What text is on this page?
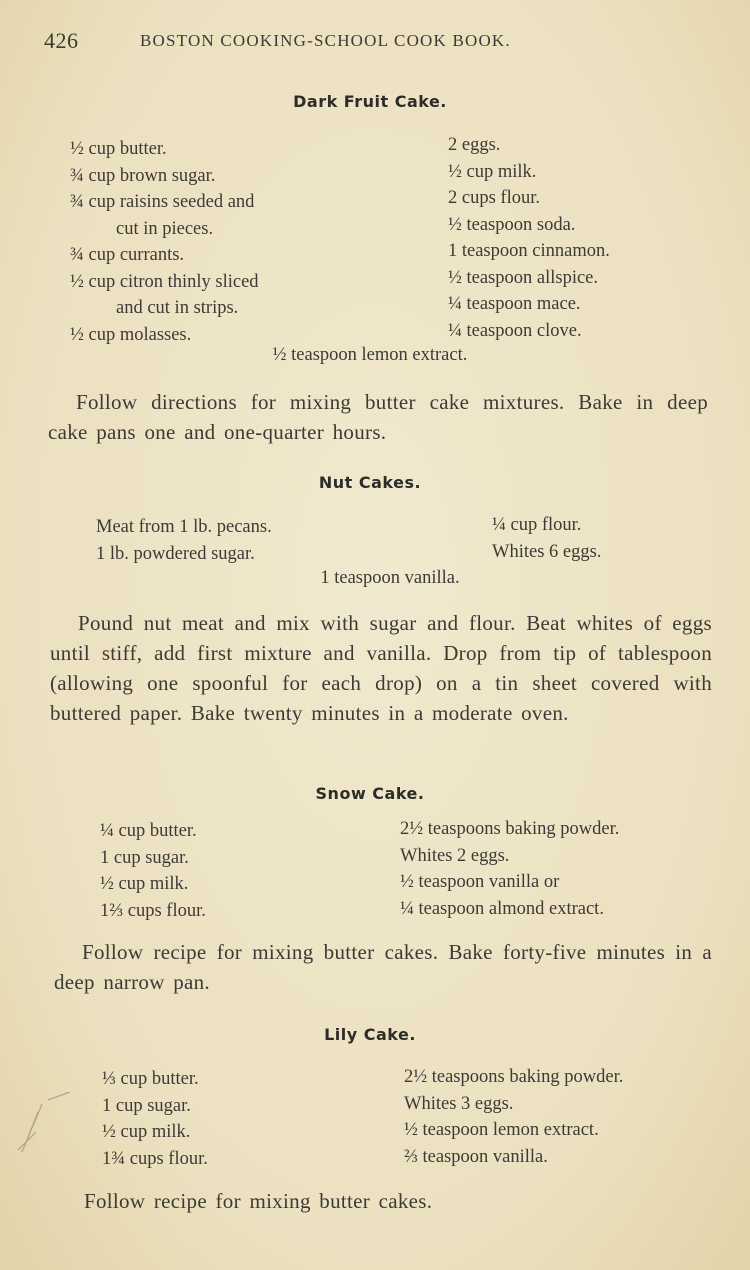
426	BOSTON COOKING-SCHOOL COOK BOOK.
Dark Fruit Cake.
½ cup butter.
¾ cup brown sugar.
¾ cup raisins seeded and
cut in pieces.
¾ cup currants.
½ cup citron thinly sliced
and cut in strips.
½ cup molasses.
2 eggs.
½ cup milk.
2 cups flour.
½ teaspoon soda.
1 teaspoon cinnamon.
½ teaspoon allspice.
¼ teaspoon mace.
¼ teaspoon clove.
½ teaspoon lemon extract.
Follow directions for mixing butter cake mixtures. Bake in deep cake pans one and one-quarter hours.
Nut Cakes.
Meat from 1 lb. pecans.
1 lb. powdered sugar.
¼ cup flour.
Whites 6 eggs.
1 teaspoon vanilla.
Pound nut meat and mix with sugar and flour. Beat whites of eggs until stiff, add first mixture and vanilla. Drop from tip of tablespoon (allowing one spoonful for each drop) on a tin sheet covered with buttered paper. Bake twenty minutes in a moderate oven.
Snow Cake.
¼ cup butter.
1 cup sugar.
½ cup milk.
1⅔ cups flour.
2½ teaspoons baking powder.
Whites 2 eggs.
½ teaspoon vanilla or
¼ teaspoon almond extract.
Follow recipe for mixing butter cakes. Bake forty-five minutes in a deep narrow pan.
Lily Cake.
⅓ cup butter.
1 cup sugar.
½ cup milk.
1¾ cups flour.
2½ teaspoons baking powder.
Whites 3 eggs.
½ teaspoon lemon extract.
⅔ teaspoon vanilla.
Follow recipe for mixing butter cakes.
